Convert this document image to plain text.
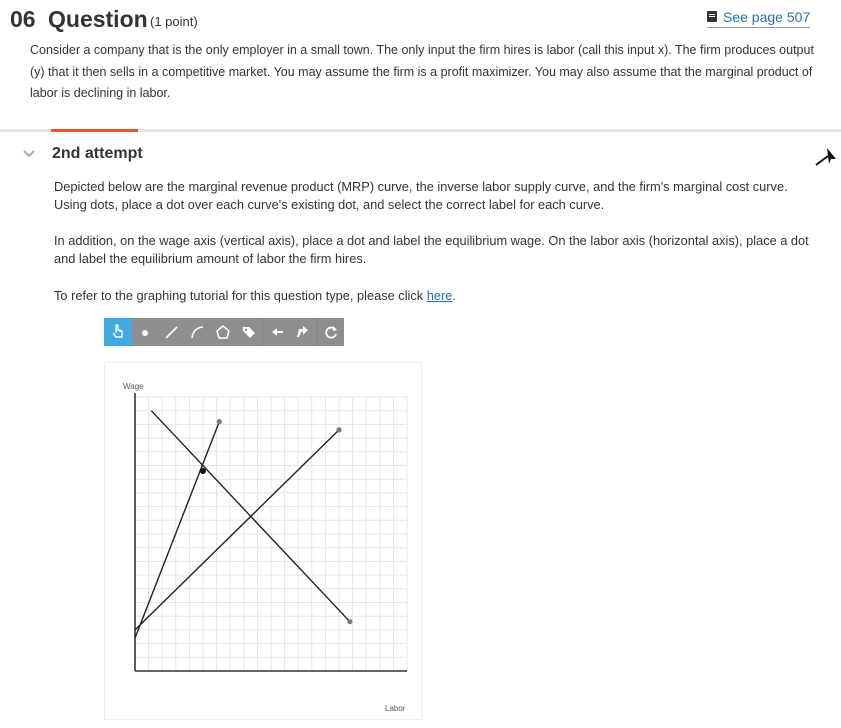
06 Question (1 point)	See page 507

Consider a company that is the only employer in a small town. The only input the firm hires is labor (call this input x). The firm produces output (y) that it then sells in a competitive market. You may assume the firm is a profit maximizer. You may also assume that the marginal product of labor is declining in labor.

2nd attempt

Depicted below are the marginal revenue product (MRP) curve, the inverse labor supply curve, and the firm's marginal cost curve. Using dots, place a dot over each curve's existing dot, and select the correct label for each curve.

In addition, on the wage axis (vertical axis), place a dot and label the equilibrium wage. On the labor axis (horizontal axis), place a dot and label the equilibrium amount of labor the firm hires.

To refer to the graphing tutorial for this question type, please click here.

Wage
Labor
